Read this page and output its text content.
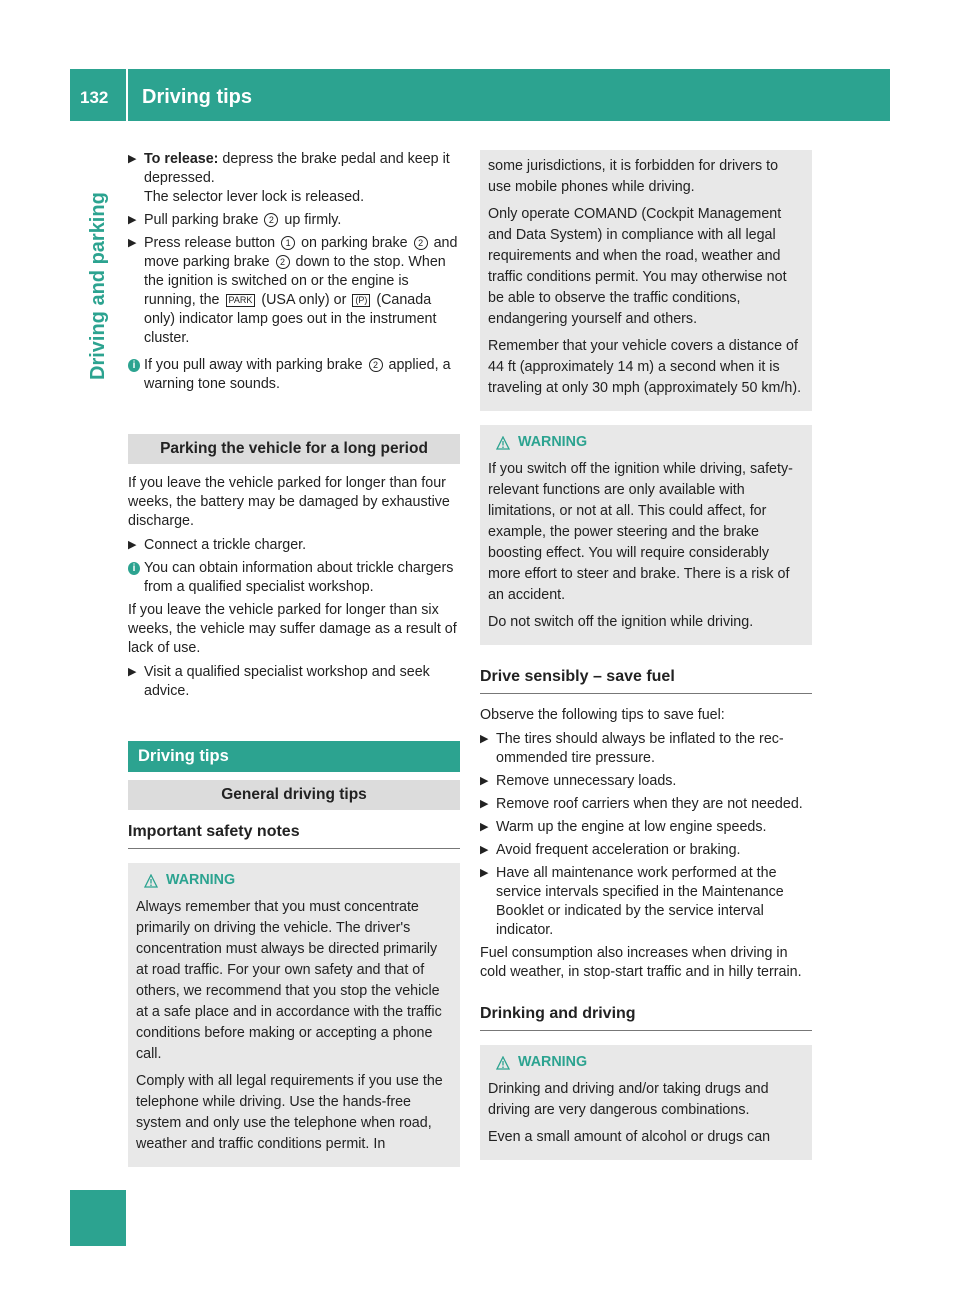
132 Driving tips
Driving and parking
▶ To release: depress the brake pedal and keep it depressed.
The selector lever lock is released.
▶ Pull parking brake 2 up firmly.
▶ Press release button 1 on parking brake 2 and move parking brake 2 down to the stop. When the ignition is switched on or the engine is running, the PARK (USA only) or (P) (Canada only) indicator lamp goes out in the instrument cluster.
i If you pull away with parking brake 2 applied, a warning tone sounds.
Parking the vehicle for a long period

If you leave the vehicle parked for longer than four weeks, the battery may be damaged by exhaustive discharge.

▶ Connect a trickle charger.
i You can obtain information about trickle chargers from a qualified specialist workshop.

If you leave the vehicle parked for longer than six weeks, the vehicle may suffer damage as a result of lack of use.

▶ Visit a qualified specialist workshop and seek advice.
Driving tips
General driving tips
Important safety notes
WARNING

Always remember that you must concentrate primarily on driving the vehicle. The driver's concentration must always be directed primarily at road traffic. For your own safety and that of others, we recommend that you stop the vehicle at a safe place and in accordance with the traffic conditions before making or accepting a phone call.

Comply with all legal requirements if you use the telephone while driving. Use the hands-free system and only use the telephone when road, weather and traffic conditions permit. In

some jurisdictions, it is forbidden for drivers to use mobile phones while driving.

Only operate COMAND (Cockpit Management and Data System) in compliance with all legal requirements and when the road, weather and traffic conditions permit. You may otherwise not be able to observe the traffic conditions, endangering yourself and others.

Remember that your vehicle covers a distance of 44 ft (approximately 14 m) a second when it is traveling at only 30 mph (approximately 50 km/h).

WARNING

If you switch off the ignition while driving, safety-relevant functions are only available with limitations, or not at all. This could affect, for example, the power steering and the brake boosting effect. You will require considerably more effort to steer and brake. There is a risk of an accident.

Do not switch off the ignition while driving.

Drive sensibly – save fuel

Observe the following tips to save fuel:

▶ The tires should always be inflated to the recommended tire pressure.
▶ Remove unnecessary loads.
▶ Remove roof carriers when they are not needed.
▶ Warm up the engine at low engine speeds.
▶ Avoid frequent acceleration or braking.
▶ Have all maintenance work performed at the service intervals specified in the Maintenance Booklet or indicated by the service interval indicator.

Fuel consumption also increases when driving in cold weather, in stop-start traffic and in hilly terrain.

Drinking and driving
WARNING

Drinking and driving and/or taking drugs and driving are very dangerous combinations.

Even a small amount of alcohol or drugs can
